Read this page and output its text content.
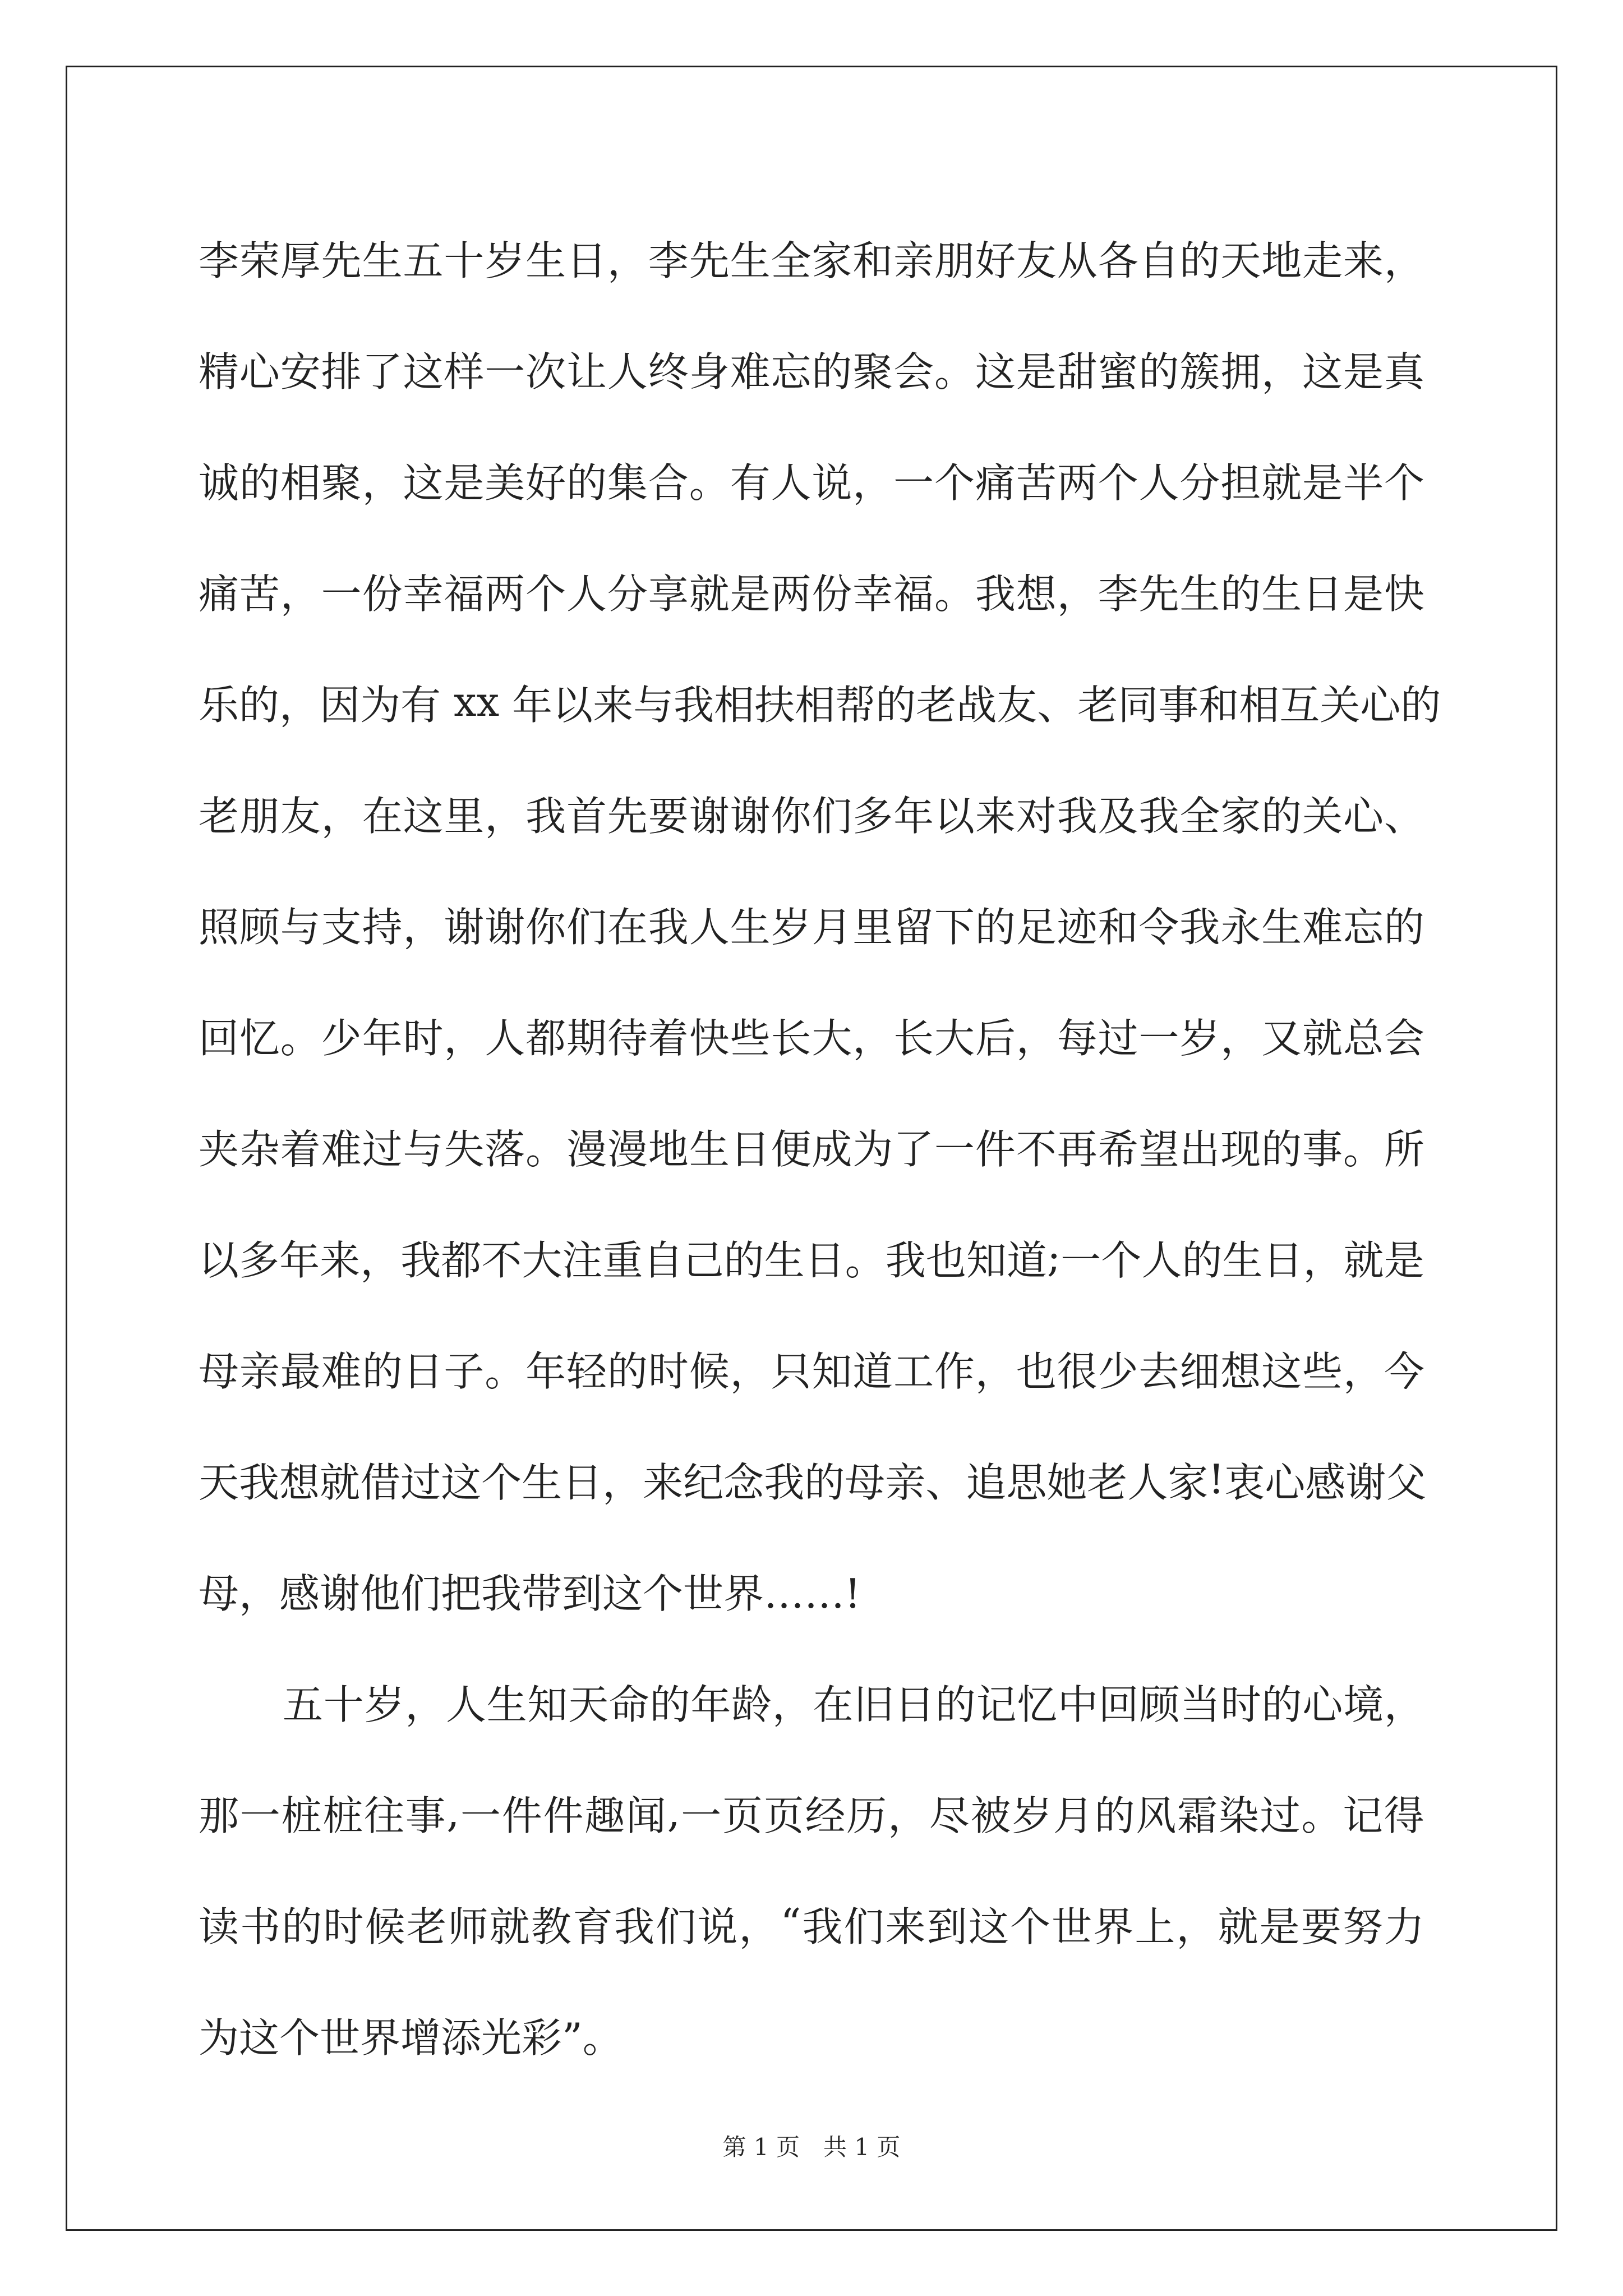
李 荣 厚 先 生 五 十 岁 生 日 ， 李 先 生 全 家 和 亲 朋 好 友 从 各 自 的 天 地 走 来 ，
精 心 安 排 了 这 样 一 次 让 人 终 身 难 忘 的 聚 会 。 这 是 甜 蜜 的 簇 拥 ， 这 是 真
诚 的 相 聚 ， 这 是 美 好 的 集 合 。 有 人 说 ， 一 个 痛 苦 两 个 人 分 担 就 是 半 个
痛 苦 ， 一 份 幸 福 两 个 人 分 享 就 是 两 份 幸 福 。 我 想 ， 李 先 生 的 生 日 是 快
乐 的 ， 因 为 有
x x
年 以 来 与 我 相 扶 相 帮 的 老 战 友 、 老 同 事 和 相 互 关 心 的
老 朋 友 ， 在 这 里 ， 我 首 先 要 谢 谢 你 们 多 年 以 来 对 我 及 我 全 家 的 关 心 、
照 顾 与 支 持 ， 谢 谢 你 们 在 我 人 生 岁 月 里 留 下 的 足 迹 和 令 我 永 生 难 忘 的
回 忆 。 少 年 时 ， 人 都 期 待 着 快 些 长 大 ， 长 大 后 ， 每 过 一 岁 ， 又 就 总 会
夹 杂 着 难 过 与 失 落 。 漫 漫 地 生 日 便 成 为 了 一 件 不 再 希 望 出 现 的 事 。 所
以 多 年 来 ， 我 都 不 大 注 重 自 己 的 生 日 。 我 也 知 道 ; 一 个 人 的 生 日 ， 就 是
母 亲 最 难 的 日 子 。 年 轻 的 时 候 ， 只 知 道 工 作 ， 也 很 少 去 细 想 这 些 ， 今
天 我 想 就 借 过 这 个 生 日 ， 来 纪 念 我 的 母 亲 、 追 思 她 老 人 家 ! 衷 心 感 谢 父
母，感谢他们把我带到这个世界……!
五 十 岁 ， 人 生 知 天 命 的 年 龄 ， 在 旧 日 的 记 忆 中 回 顾 当 时 的 心 境 ，
那 一 桩 桩 往 事 , 一 件 件 趣 闻 , 一 页 页 经 历 ， 尽 被 岁 月 的 风 霜 染 过 。 记 得
读 书 的 时 候 老 师 就 教 育 我 们 说 ， “ 我 们 来 到 这 个 世 界 上 ， 就 是 要 努 力
为这个世界增添光彩”。
第 1 页　共 1 页
